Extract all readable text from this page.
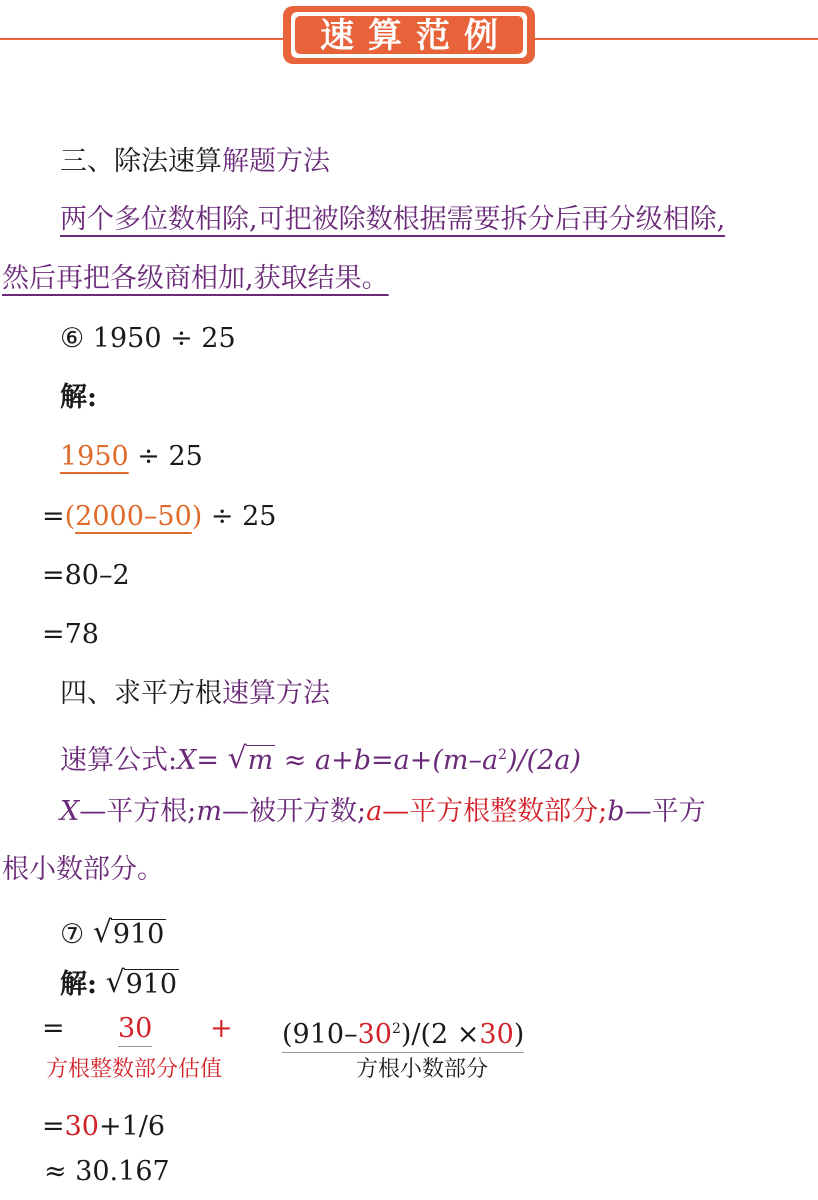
速算范例
三、除法速算解题方法
两个多位数相除,可把被除数根据需要拆分后再分级相除,
然后再把各级商相加,获取结果。
⑥ 1950 ÷ 25
解:
1950 ÷ 25
=(2000–50) ÷ 25
=80–2
=78
四、求平方根速算方法
速算公式:X= √ $m \approx a+b=a+(m-a^2)/(2a)$
X—平方根;m—被开方数;a—平方根整数部分;b—平方
根小数部分。
⑦ √ 910
解: √ 910
= $30 + (910-30^2)/(2 \times 30)$
方根整数部分估值	方根小数部分
=30+1/6
≈ 30.167
